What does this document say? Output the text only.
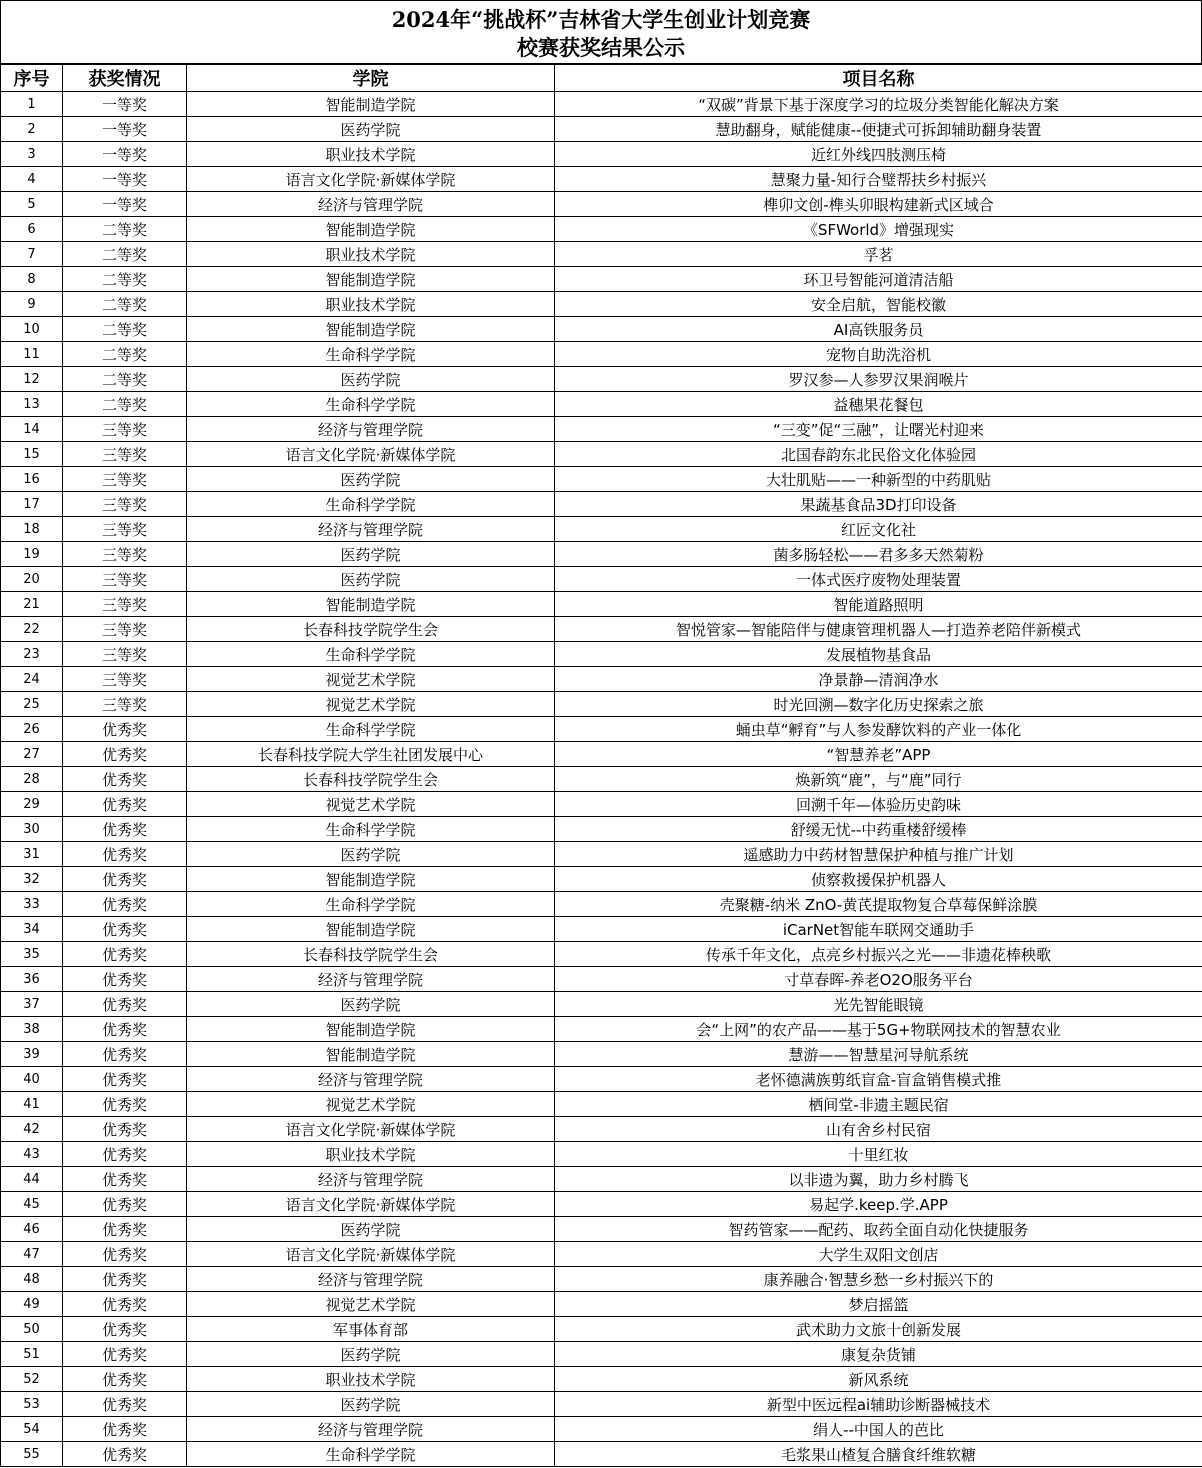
2024年“挑战杯”吉林省大学生创业计划竞赛
校赛获奖结果公示
序号	获奖情况	学院	项目名称
1	一等奖	智能制造学院	“双碳”背景下基于深度学习的垃圾分类智能化解决方案
2	一等奖	医药学院	慧助翻身，赋能健康--便捷式可拆卸辅助翻身装置
3	一等奖	职业技术学院	近红外线四肢测压椅
4	一等奖	语言文化学院·新媒体学院	慧聚力量-知行合璧帮扶乡村振兴
5	一等奖	经济与管理学院	榫卯文创-榫头卯眼构建新式区域合
6	二等奖	智能制造学院	《SFWorld》增强现实
7	二等奖	职业技术学院	孚茗
8	二等奖	智能制造学院	环卫号智能河道清洁船
9	二等奖	职业技术学院	安全启航，智能校徽
10	二等奖	智能制造学院	AI高铁服务员
11	二等奖	生命科学学院	宠物自助洗浴机
12	二等奖	医药学院	罗汉参—人参罗汉果润喉片
13	二等奖	生命科学学院	益穗果花餐包
14	三等奖	经济与管理学院	“三变”促“三融”，让曙光村迎来
15	三等奖	语言文化学院·新媒体学院	北国春韵东北民俗文化体验园
16	三等奖	医药学院	大壮肌贴——一种新型的中药肌贴
17	三等奖	生命科学学院	果蔬基食品3D打印设备
18	三等奖	经济与管理学院	红匠文化社
19	三等奖	医药学院	菌多肠轻松——君多多天然菊粉
20	三等奖	医药学院	一体式医疗废物处理装置
21	三等奖	智能制造学院	智能道路照明
22	三等奖	长春科技学院学生会	智悦管家—智能陪伴与健康管理机器人—打造养老陪伴新模式
23	三等奖	生命科学学院	发展植物基食品
24	三等奖	视觉艺术学院	净景静—清润净水
25	三等奖	视觉艺术学院	时光回溯—数字化历史探索之旅
26	优秀奖	生命科学学院	蛹虫草“孵育”与人参发酵饮料的产业一体化
27	优秀奖	长春科技学院大学生社团发展中心	“智慧养老”APP
28	优秀奖	长春科技学院学生会	焕新筑“鹿”，与“鹿”同行
29	优秀奖	视觉艺术学院	回溯千年—体验历史韵味
30	优秀奖	生命科学学院	舒缓无忧--中药重楼舒缓棒
31	优秀奖	医药学院	遥感助力中药材智慧保护种植与推广计划
32	优秀奖	智能制造学院	侦察救援保护机器人
33	优秀奖	生命科学学院	壳聚糖-纳米 ZnO-黄芪提取物复合草莓保鲜涂膜
34	优秀奖	智能制造学院	iCarNet智能车联网交通助手
35	优秀奖	长春科技学院学生会	传承千年文化，点亮乡村振兴之光——非遗花棒秧歌
36	优秀奖	经济与管理学院	寸草春晖-养老O2O服务平台
37	优秀奖	医药学院	光先智能眼镜
38	优秀奖	智能制造学院	会“上网”的农产品——基于5G+物联网技术的智慧农业
39	优秀奖	智能制造学院	慧游——智慧星河导航系统
40	优秀奖	经济与管理学院	老怀德满族剪纸盲盒-盲盒销售模式推
41	优秀奖	视觉艺术学院	栖间堂-非遗主题民宿
42	优秀奖	语言文化学院·新媒体学院	山有舍乡村民宿
43	优秀奖	职业技术学院	十里红妆
44	优秀奖	经济与管理学院	以非遗为翼，助力乡村腾飞
45	优秀奖	语言文化学院·新媒体学院	易起学.keep.学.APP
46	优秀奖	医药学院	智药管家——配药、取药全面自动化快捷服务
47	优秀奖	语言文化学院·新媒体学院	大学生双阳文创店
48	优秀奖	经济与管理学院	康养融合·智慧乡愁一乡村振兴下的
49	优秀奖	视觉艺术学院	梦启摇篮
50	优秀奖	军事体育部	武术助力文旅十创新发展
51	优秀奖	医药学院	康复杂货铺
52	优秀奖	职业技术学院	新风系统
53	优秀奖	医药学院	新型中医远程ai辅助诊断器械技术
54	优秀奖	经济与管理学院	绢人--中国人的芭比
55	优秀奖	生命科学学院	毛浆果山楂复合膳食纤维软糖
